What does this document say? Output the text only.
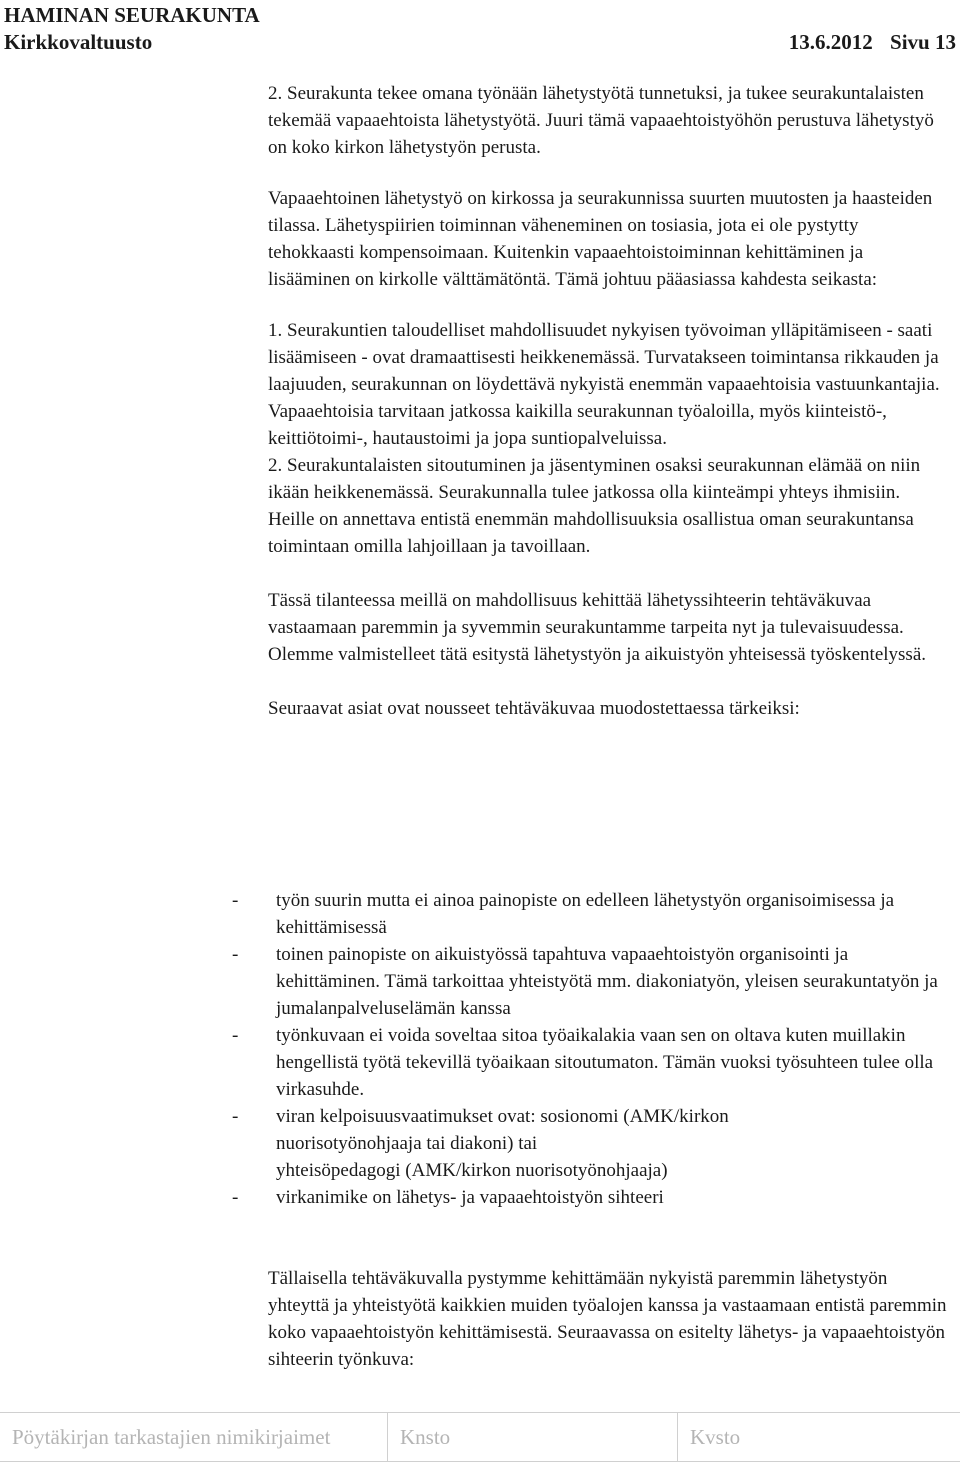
HAMINAN SEURAKUNTA
Kirkkovaltuusto	13.6.2012 Sivu 13

2. Seurakunta tekee omana työnään lähetystyötä tunnetuksi, ja tukee seurakuntalaisten tekemää vapaaehtoista lähetystyötä. Juuri tämä vapaaehtoistyöhön perustuva lähetystyö on koko kirkon lähetystyön perusta.

Vapaaehtoinen lähetystyö on kirkossa ja seurakunnissa suurten muutosten ja haasteiden tilassa. Lähetyspiirien toiminnan väheneminen on tosiasia, jota ei ole pystytty tehokkaasti kompensoimaan. Kuitenkin vapaaehtoistoiminnan kehittäminen ja lisääminen on kirkolle välttämätöntä. Tämä johtuu pääasiassa kahdesta seikasta:

1. Seurakuntien taloudelliset mahdollisuudet nykyisen työvoiman ylläpitämiseen - saati lisäämiseen - ovat dramaattisesti heikkenemässä. Turvatakseen toimintansa rikkauden ja laajuuden, seurakunnan on löydettävä nykyistä enemmän vapaaehtoisia vastuunkantajia. Vapaaehtoisia tarvitaan jatkossa kaikilla seurakunnan työaloilla, myös kiinteistö-, keittiötoimi-, hautaustoimi ja jopa suntiopalveluissa.

2. Seurakuntalaisten sitoutuminen ja jäsentyminen osaksi seurakunnan elämää on niin ikään heikkenemässä. Seurakunnalla tulee jatkossa olla kiinteämpi yhteys ihmisiin. Heille on annettava entistä enemmän mahdollisuuksia osallistua oman seurakuntansa toimintaan omilla lahjoillaan ja tavoillaan.

Tässä tilanteessa meillä on mahdollisuus kehittää lähetyssihteerin tehtäväkuvaa vastaamaan paremmin ja syvemmin seurakuntamme tarpeita nyt ja tulevaisuudessa. Olemme valmistelleet tätä esitystä lähetystyön ja aikuistyön yhteisessä työskentelyssä.

Seuraavat asiat ovat nousseet tehtäväkuvaa muodostettaessa tärkeiksi:

-	työn suurin mutta ei ainoa painopiste on edelleen lähetystyön organisoimisessa ja kehittämisessä
-	toinen painopiste on aikuistyössä tapahtuva vapaaehtoistyön organisointi ja kehittäminen. Tämä tarkoittaa yhteistyötä mm. diakoniatyön, yleisen seurakuntatyön ja jumalanpalveluselämän kanssa
-	työnkuvaan ei voida soveltaa sitoa työaikalakia vaan sen on oltava kuten muillakin hengellistä työtä tekevillä työaikaan sitoutumaton. Tämän vuoksi työsuhteen tulee olla virkasuhde.
-	viran kelpoisuusvaatimukset ovat: sosionomi (AMK/kirkon
nuorisotyönohjaaja tai diakoni) tai
yhteisöpedagogi (AMK/kirkon nuorisotyönohjaaja)
-	virkanimike on lähetys- ja vapaaehtoistyön sihteeri

Tällaisella tehtäväkuvalla pystymme kehittämään nykyistä paremmin lähetystyön yhteyttä ja yhteistyötä kaikkien muiden työalojen kanssa ja vastaamaan entistä paremmin koko vapaaehtoistyön kehittämisestä. Seuraavassa on esitelty lähetys- ja vapaaehtoistyön sihteerin työnkuva:

Pöytäkirjan tarkastajien nimikirjaimet	Knsto	Kvsto
